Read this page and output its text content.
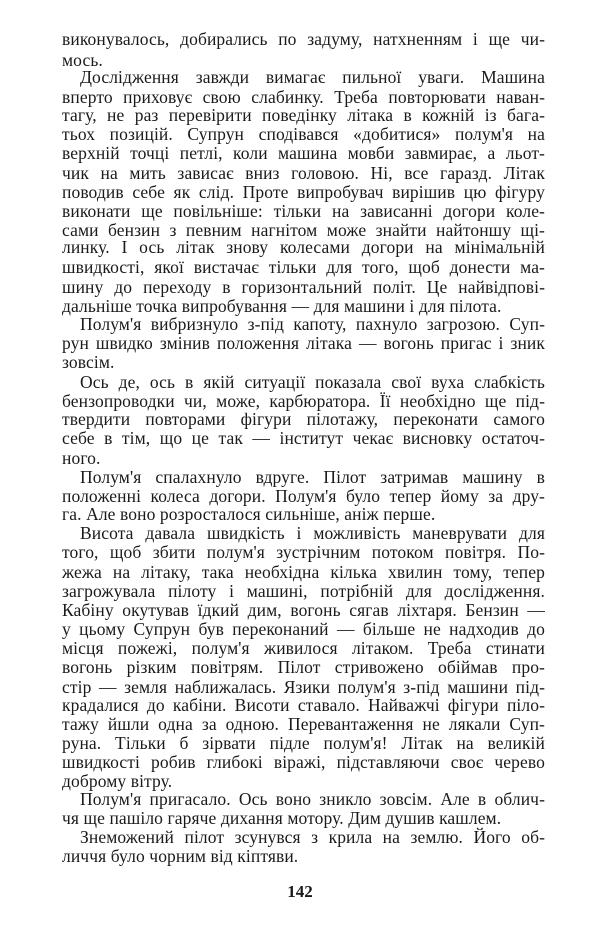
виконувалось, добирались по задуму, натхненням і ще чи-
мось.
Дослідження завжди вимагає пильної уваги. Машина
вперто приховує свою слабинку. Треба повторювати наван-
тагу, не раз перевірити поведінку літака в кожній із бага-
тьох позицій. Супрун сподівався «добитися» полум'я на
верхній точці петлі, коли машина мовби завмирає, а льот-
чик на мить зависає вниз головою. Ні, все гаразд. Літак
поводив себе як слід. Проте випробувач вирішив цю фігуру
виконати ще повільніше: тільки на зависанні догори коле-
сами бензин з певним нагнітом може знайти найтоншу щі-
линку. І ось літак знову колесами догори на мінімальній
швидкості, якої вистачає тільки для того, щоб донести ма-
шину до переходу в горизонтальний політ. Це найвідпові-
дальніше точка випробування — для машини і для пілота.
Полум'я вибризнуло з-під капоту, пахнуло загрозою. Суп-
рун швидко змінив положення літака — вогонь пригас і зник
зовсім.
Ось де, ось в якій ситуації показала свої вуха слабкість
бензопроводки чи, може, карбюратора. Її необхідно ще під-
твердити повторами фігури пілотажу, переконати самого
себе в тім, що це так — інститут чекає висновку остаточ-
ного.
Полум'я спалахнуло вдруге. Пілот затримав машину в
положенні колеса догори. Полум'я було тепер йому за дру-
га. Але воно розросталося сильніше, аніж перше.
Висота давала швидкість і можливість маневрувати для
того, щоб збити полум'я зустрічним потоком повітря. По-
жежа на літаку, така необхідна кілька хвилин тому, тепер
загрожувала пілоту і машині, потрібній для дослідження.
Кабіну окутував їдкий дим, вогонь сягав ліхтаря. Бензин —
у цьому Супрун був переконаний — більше не надходив до
місця пожежі, полум'я живилося літаком. Треба стинати
вогонь різким повітрям. Пілот стривожено обіймав про-
стір — земля наближалась. Язики полум'я з-під машини під-
крадалися до кабіни. Висоти ставало. Найважчі фігури піло-
тажу йшли одна за одною. Перевантаження не лякали Суп-
руна. Тільки б зірвати підле полум'я! Літак на великій
швидкості робив глибокі віражі, підставляючи своє черево
доброму вітру.
Полум'я пригасало. Ось воно зникло зовсім. Але в облич-
чя ще пашіло гаряче дихання мотору. Дим душив кашлем.
Знеможений пілот зсунувся з крила на землю. Його об-
личчя було чорним від кіптяви.
142
